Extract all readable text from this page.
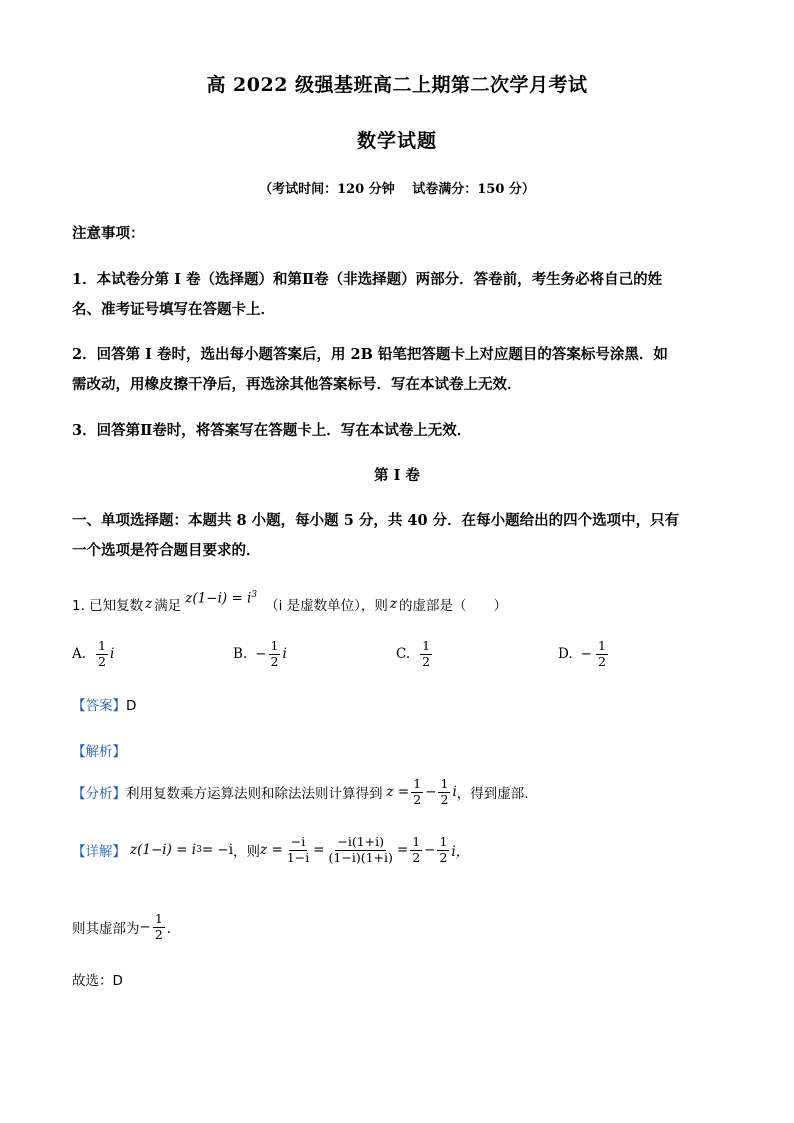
高 2022 级强基班高二上期第二次学月考试
数学试题
（考试时间：120 分钟　 试卷满分：150 分）
注意事项：
1．本试卷分第 I 卷（选择题）和第Ⅱ卷（非选择题）两部分．答卷前，考生务必将自己的姓
名、准考证号填写在答题卡上．
2．回答第 I 卷时，选出每小题答案后，用 2B 铅笔把答题卡上对应题目的答案标号涂黑．如
需改动，用橡皮擦干净后，再选涂其他答案标号．写在本试卷上无效．
3．回答第Ⅱ卷时，将答案写在答题卡上．写在本试卷上无效．
第 I 卷
一、单项选择题：本题共 8 小题，每小题 5 分，共 40 分．在每小题给出的四个选项中，只有
一个选项是符合题目要求的．
1. 已知复数 z 满足 $z(1-i) = i^3$
（i 是虚数单位），则 z 的虚部是（　　）
A. $\frac{1}{2}$ i	B. − $\frac{1}{2}$ i	C. $\frac{1}{2}$	D. − $\frac{1}{2}$
【答案】D
【解析】
【分析】 利用复数乘方运算法则和除法法则计算得到 $z = \frac{1}{2} - \frac{1}{2}$ i ，得到虚部.
【详解】 z(1−i) = i 3 = −i ，则 $z = \frac{-i}{1-i} = \frac{-i(1+i)}{(1-i)(1+i)} = \frac{1}{2} - \frac{1}{2}$ i，
则其虚部为 − $\frac{1}{2}$ ．
故选：D
